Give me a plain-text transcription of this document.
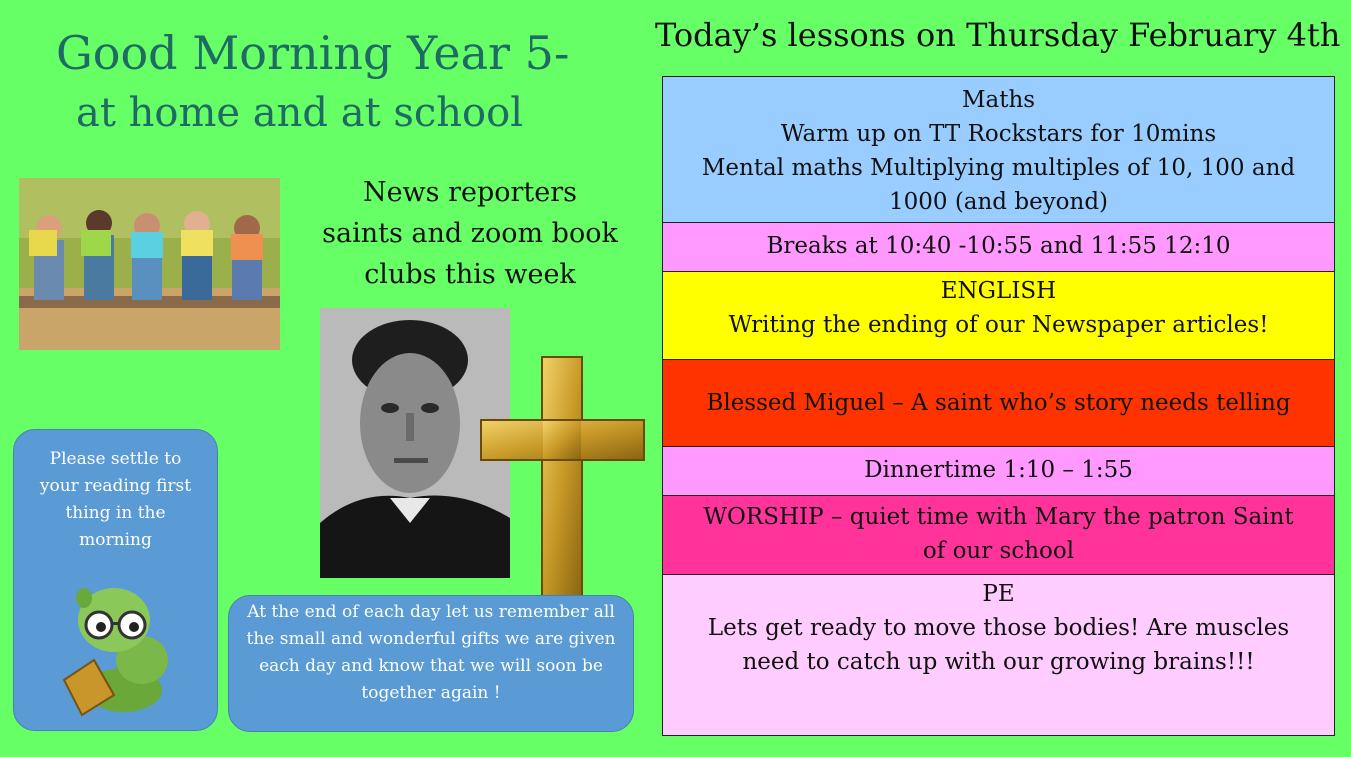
Good Morning Year 5-
at home and at school
Today’s lessons on Thursday February 4th
News reporters
saints and zoom book
clubs this week
Please settle to your reading first thing in the morning
At the end of each day let us remember all the small and wonderful gifts we are given each day and know that we will soon be together again !
Maths
Warm up on TT Rockstars for 10mins
Mental maths Multiplying multiples of 10, 100 and
1000 (and beyond)
Breaks at 10:40 -10:55 and 11:55 12:10
ENGLISH
Writing the ending of our Newspaper articles!
Blessed Miguel – A saint who’s story needs telling
Dinnertime 1:10 – 1:55
WORSHIP – quiet time with Mary the patron Saint
of our school
PE
Lets get ready to move those bodies! Are muscles
need to catch up with our growing brains!!!
